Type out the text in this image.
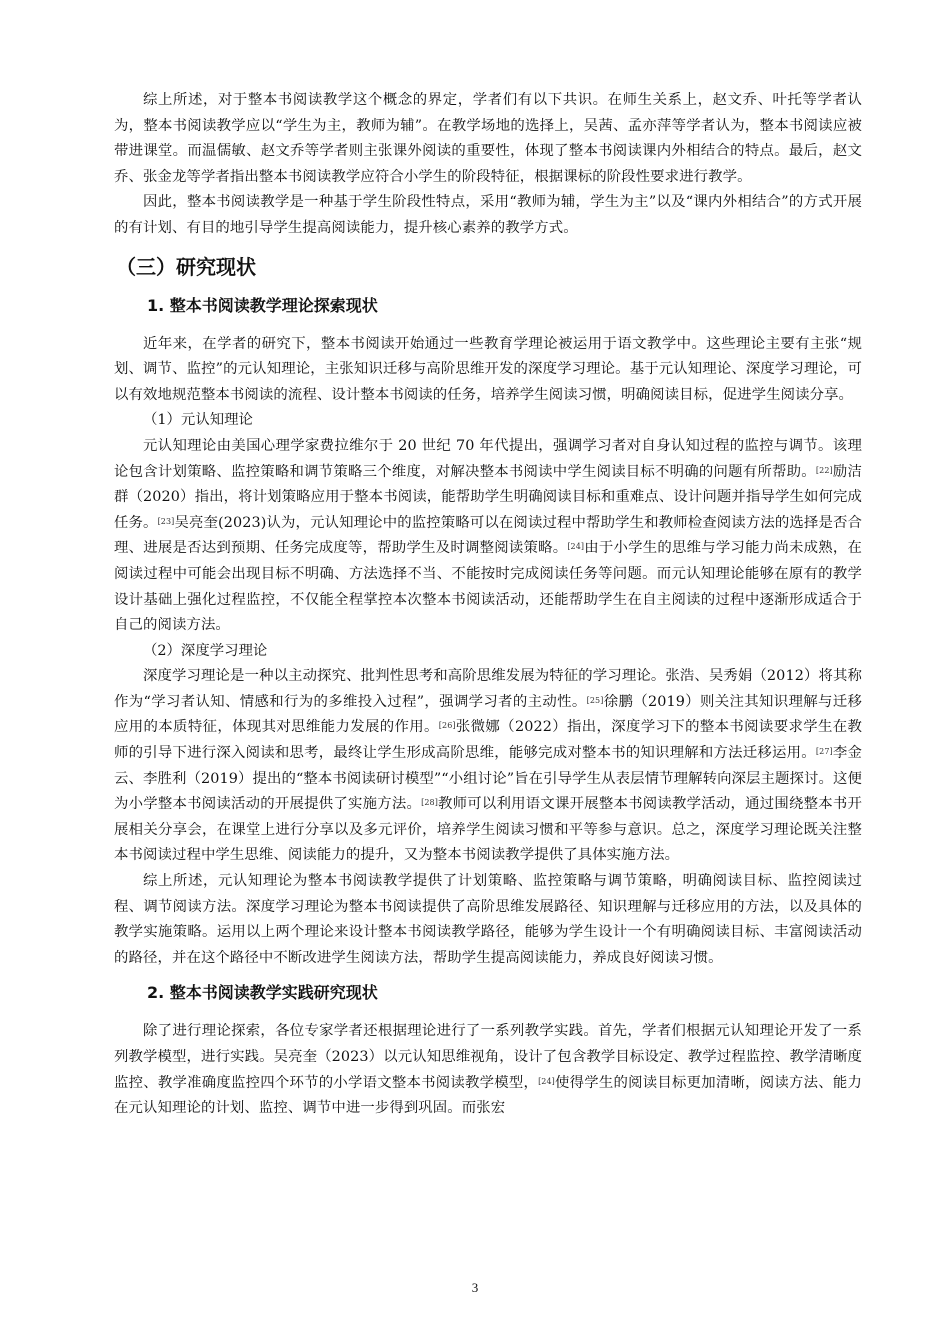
综上所述，对于整本书阅读教学这个概念的界定，学者们有以下共识。在师生关系上，赵文乔、叶托等学者认为，整本书阅读教学应以“学生为主，教师为辅”。在教学场地的选择上，吴茜、孟亦萍等学者认为，整本书阅读应被带进课堂。而温儒敏、赵文乔等学者则主张课外阅读的重要性，体现了整本书阅读课内外相结合的特点。最后，赵文乔、张金龙等学者指出整本书阅读教学应符合小学生的阶段特征，根据课标的阶段性要求进行教学。

因此，整本书阅读教学是一种基于学生阶段性特点，采用“教师为辅，学生为主”以及“课内外相结合”的方式开展的有计划、有目的地引导学生提高阅读能力，提升核心素养的教学方式。

（三）研究现状
1. 整本书阅读教学理论探索现状

近年来，在学者的研究下，整本书阅读开始通过一些教育学理论被运用于语文教学中。这些理论主要有主张“规划、调节、监控”的元认知理论，主张知识迁移与高阶思维开发的深度学习理论。基于元认知理论、深度学习理论，可以有效地规范整本书阅读的流程、设计整本书阅读的任务，培养学生阅读习惯，明确阅读目标，促进学生阅读分享。

（1）元认知理论

元认知理论由美国心理学家费拉维尔于 20 世纪 70 年代提出，强调学习者对自身认知过程的监控与调节。该理论包含计划策略、监控策略和调节策略三个维度，对解决整本书阅读中学生阅读目标不明确的问题有所帮助。[22]励洁群（2020）指出，将计划策略应用于整本书阅读，能帮助学生明确阅读目标和重难点、设计问题并指导学生如何完成任务。[23]吴亮奎(2023)认为，元认知理论中的监控策略可以在阅读过程中帮助学生和教师检查阅读方法的选择是否合理、进展是否达到预期、任务完成度等，帮助学生及时调整阅读策略。[24]由于小学生的思维与学习能力尚未成熟，在阅读过程中可能会出现目标不明确、方法选择不当、不能按时完成阅读任务等问题。而元认知理论能够在原有的教学设计基础上强化过程监控，不仅能全程掌控本次整本书阅读活动，还能帮助学生在自主阅读的过程中逐渐形成适合于自己的阅读方法。

（2）深度学习理论

深度学习理论是一种以主动探究、批判性思考和高阶思维发展为特征的学习理论。张浩、吴秀娟（2012）将其称作为“学习者认知、情感和行为的多维投入过程”，强调学习者的主动性。[25]徐鹏（2019）则关注其知识理解与迁移应用的本质特征，体现其对思维能力发展的作用。[26]张微娜（2022）指出，深度学习下的整本书阅读要求学生在教师的引导下进行深入阅读和思考，最终让学生形成高阶思维，能够完成对整本书的知识理解和方法迁移运用。[27]李金云、李胜利（2019）提出的“整本书阅读研讨模型”“小组讨论”旨在引导学生从表层情节理解转向深层主题探讨。这便为小学整本书阅读活动的开展提供了实施方法。[28]教师可以利用语文课开展整本书阅读教学活动，通过围绕整本书开展相关分享会，在课堂上进行分享以及多元评价，培养学生阅读习惯和平等参与意识。总之，深度学习理论既关注整本书阅读过程中学生思维、阅读能力的提升，又为整本书阅读教学提供了具体实施方法。

综上所述，元认知理论为整本书阅读教学提供了计划策略、监控策略与调节策略，明确阅读目标、监控阅读过程、调节阅读方法。深度学习理论为整本书阅读提供了高阶思维发展路径、知识理解与迁移应用的方法，以及具体的教学实施策略。运用以上两个理论来设计整本书阅读教学路径，能够为学生设计一个有明确阅读目标、丰富阅读活动的路径，并在这个路径中不断改进学生阅读方法，帮助学生提高阅读能力，养成良好阅读习惯。

2. 整本书阅读教学实践研究现状

除了进行理论探索，各位专家学者还根据理论进行了一系列教学实践。首先，学者们根据元认知理论开发了一系列教学模型，进行实践。吴亮奎（2023）以元认知思维视角，设计了包含教学目标设定、教学过程监控、教学清晰度监控、教学准确度监控四个环节的小学语文整本书阅读教学模型，[24]使得学生的阅读目标更加清晰，阅读方法、能力在元认知理论的计划、监控、调节中进一步得到巩固。而张宏

3
